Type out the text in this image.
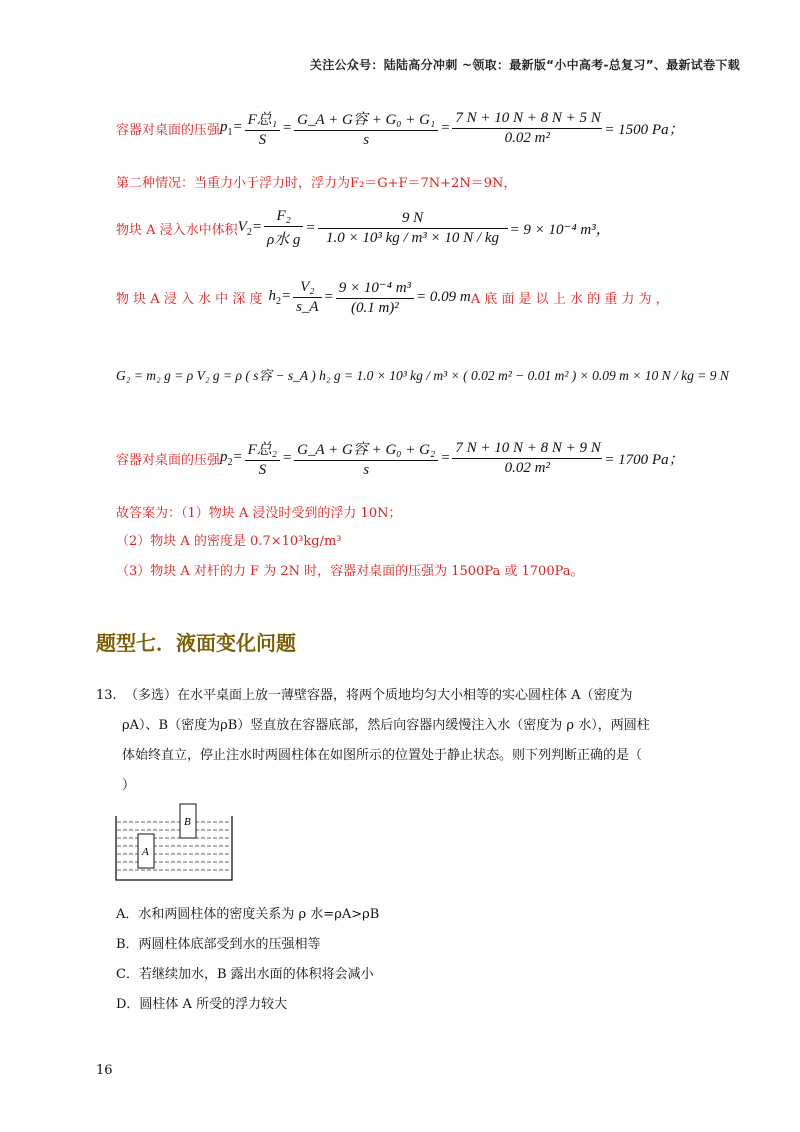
关注公众号：陆陆高分冲刺 ~领取：最新版“小中高考-总复习”、最新试卷下载
容器对桌面的压强 $p_1= \frac{\text{F总₁}}{S} = \frac{\text{G\_A + G容 + G₀ + G₁}}{s} = \frac{7 N + 10 N + 8 N + 5 N}{\text{0.02 m²}} = 1500$ Pa；
第二种情况：当重力小于浮力时，浮力为F₂＝G+F＝7N+2N＝9N，
物块 A 浸入水中体积 $V_2= \frac{\text{F₂}}{\text{ρ水 g}} = \frac{9 N}{\text{1.0 × 10³ kg / m³ × 10 N / kg}} = 9 \times 10^{-4}$ m³，
物 块 A 浸 入 水 中 深 度 $h_2= \frac{\text{V₂}}{s\_A} = \frac{\text{9 × 10⁻⁴ m³}}{\text{(0.1 m)²}} = 0.09$ m A 底 面 是 以 上 水 的 重 力 为 ，
G₂ = m₂ g = ρ V₂ g = ρ ( s容 − s_A ) h₂ g = 1.0 × 10³ kg / m³ × ( 0.02 m² − 0.01 m² ) × 0.09 m × 10 N / kg = 9 N
容器对桌面的压强 $p_2= \frac{\text{F总₂}}{S} = \frac{\text{G\_A + G容 + G₀ + G₂}}{s} = \frac{7 N + 10 N + 8 N + 9 N}{\text{0.02 m²}} = 1700$ Pa；
故答案为：（1）物块 A 浸没时受到的浮力 10N；
（2）物块 A 的密度是 0.7×10³kg/m³
（3）物块 A 对杆的力 F 为 2N 时，容器对桌面的压强为 1500Pa 或 1700Pa。
题型七．液面变化问题
13. （多选）在水平桌面上放一薄壁容器，将两个质地均匀大小相等的实心圆柱体 A（密度为
ρA）、B（密度为ρB）竖直放在容器底部，然后向容器内缓慢注入水（密度为 ρ 水），两圆柱
体始终直立，停止注水时两圆柱体在如图所示的位置处于静止状态。则下列判断正确的是（
）
A
B
A．水和两圆柱体的密度关系为 ρ 水=ρA>ρB
B．两圆柱体底部受到水的压强相等
C．若继续加水，B 露出水面的体积将会减小
D．圆柱体 A 所受的浮力较大
16
